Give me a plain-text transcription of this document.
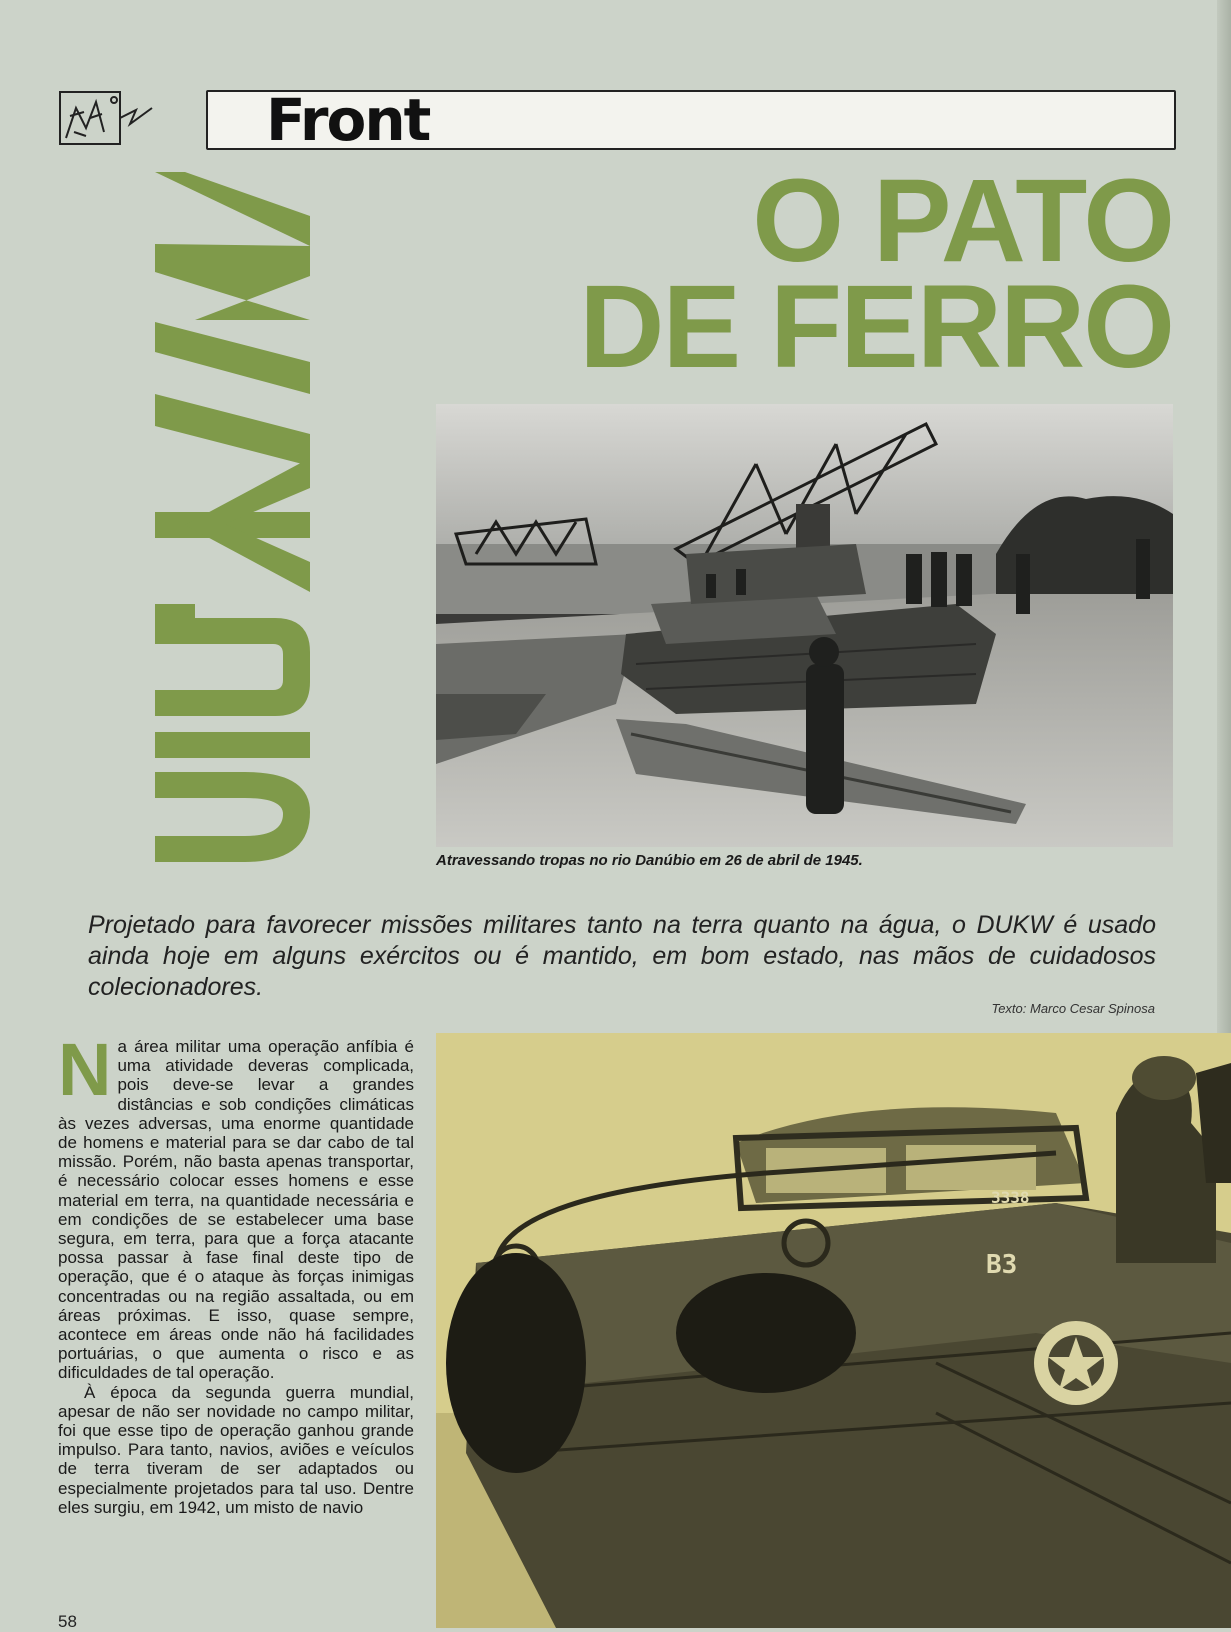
Front
O PATO
DE FERRO
Atravessando tropas no rio Danúbio em 26 de abril de 1945.
Projetado para favorecer missões militares tanto na terra quanto na água, o DUKW é usado ainda hoje em alguns exércitos ou é mantido, em bom estado, nas mãos de cuidadosos colecionadores.
Texto: Marco Cesar Spinosa

Na área militar uma operação anfíbia é uma atividade deveras complicada, pois deve-se levar a grandes distâncias e sob condições climáticas às vezes adversas, uma enorme quantidade de homens e material para se dar cabo de tal missão. Porém, não basta apenas transportar, é necessário colocar esses homens e esse material em terra, na quantidade necessária e em condições de se estabelecer uma base segura, em terra, para que a força atacante possa passar à fase final deste tipo de operação, que é o ataque às forças inimigas concentradas ou na região assaltada, ou em áreas próximas. E isso, quase sempre, acontece em áreas onde não há facilidades portuárias, o que aumenta o risco e as dificuldades de tal operação.

À época da segunda guerra mundial, apesar de não ser novidade no campo militar, foi que esse tipo de operação ganhou grande impulso. Para tanto, navios, aviões e veículos de terra tiveram de ser adaptados ou especialmente projetados para tal uso. Dentre eles surgiu, em 1942, um misto de navio

B3
3338
58
